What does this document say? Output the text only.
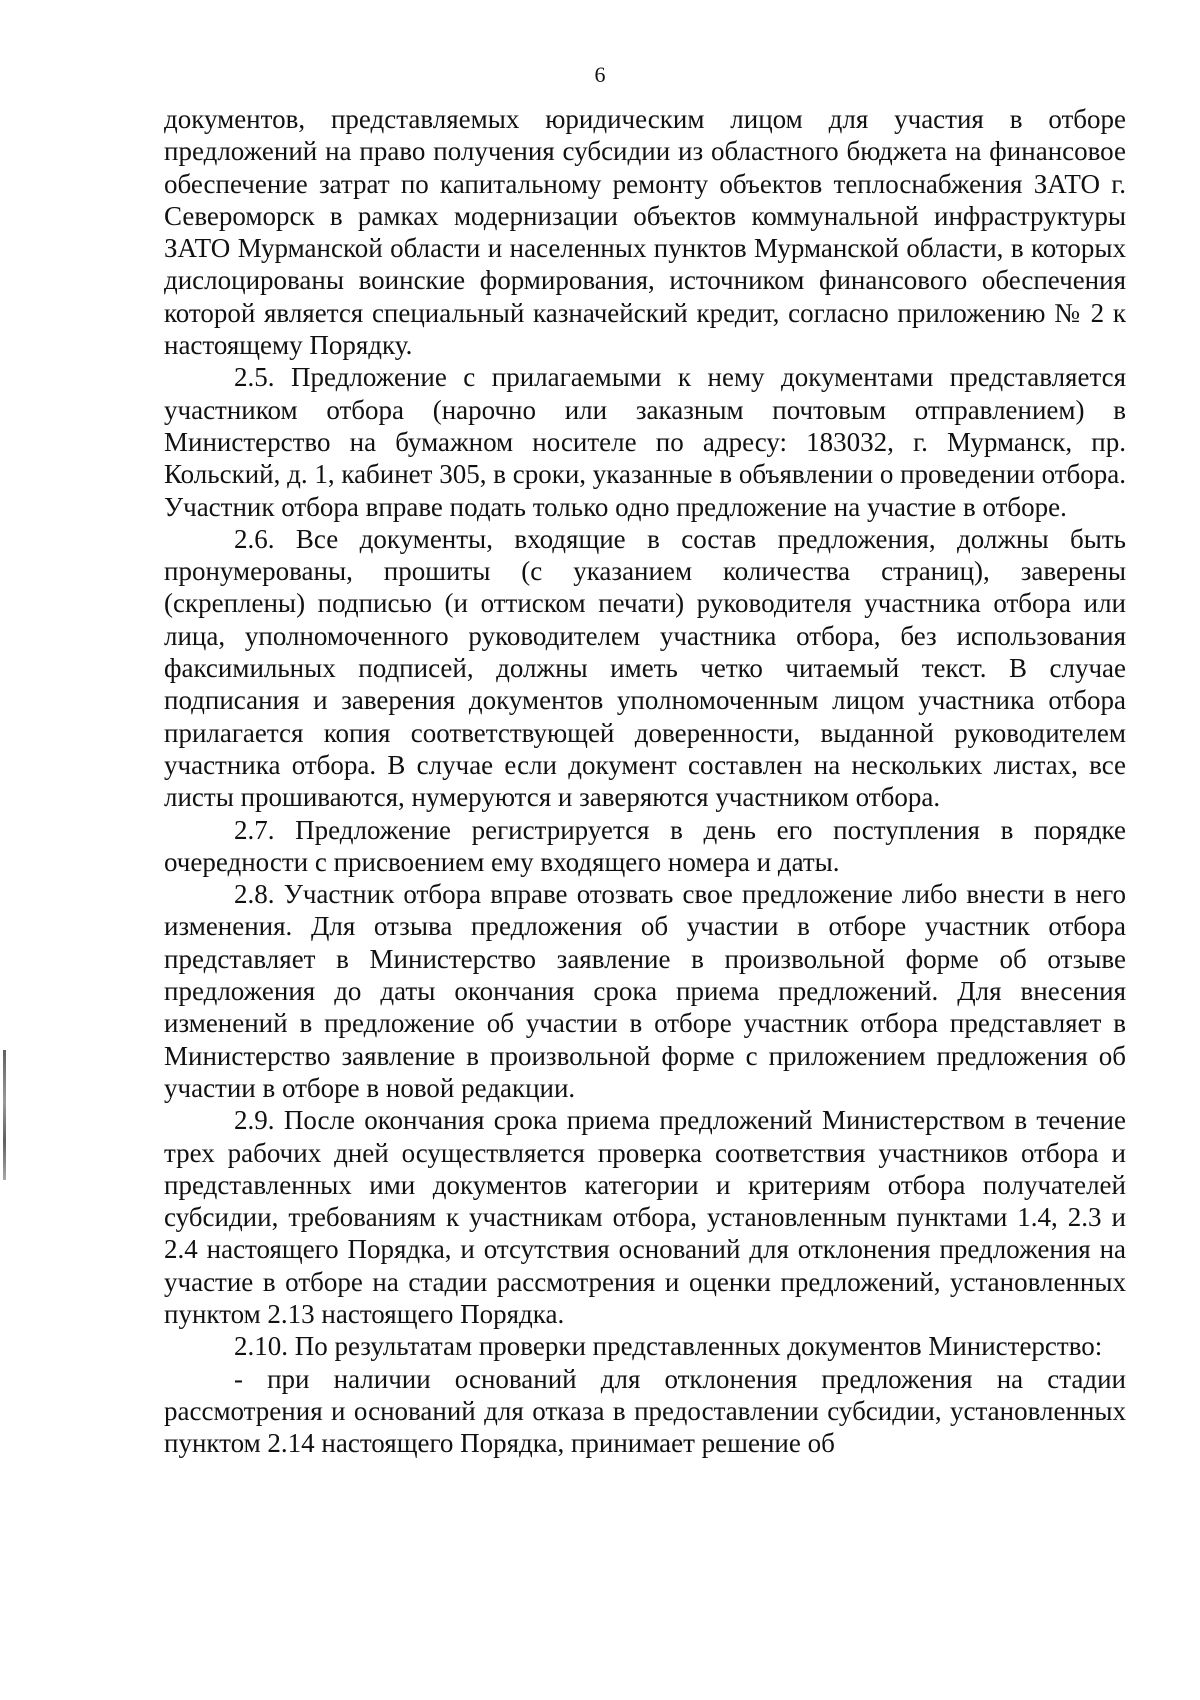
6

документов, представляемых юридическим лицом для участия в отборе предложений на право получения субсидии из областного бюджета на финансовое обеспечение затрат по капитальному ремонту объектов теплоснабжения ЗАТО г. Североморск в рамках модернизации объектов коммунальной инфраструктуры ЗАТО Мурманской области и населенных пунктов Мурманской области, в которых дислоцированы воинские формирования, источником финансового обеспечения которой является специальный казначейский кредит, согласно приложению № 2 к настоящему Порядку.

2.5. Предложение с прилагаемыми к нему документами представляется участником отбора (нарочно или заказным почтовым отправлением) в Министерство на бумажном носителе по адресу: 183032, г. Мурманск, пр. Кольский, д. 1, кабинет 305, в сроки, указанные в объявлении о проведении отбора. Участник отбора вправе подать только одно предложение на участие в отборе.

2.6. Все документы, входящие в состав предложения, должны быть пронумерованы, прошиты (с указанием количества страниц), заверены (скреплены) подписью (и оттиском печати) руководителя участника отбора или лица, уполномоченного руководителем участника отбора, без использования факсимильных подписей, должны иметь четко читаемый текст. В случае подписания и заверения документов уполномоченным лицом участника отбора прилагается копия соответствующей доверенности, выданной руководителем участника отбора. В случае если документ составлен на нескольких листах, все листы прошиваются, нумеруются и заверяются участником отбора.

2.7. Предложение регистрируется в день его поступления в порядке очередности с присвоением ему входящего номера и даты.

2.8. Участник отбора вправе отозвать свое предложение либо внести в него изменения. Для отзыва предложения об участии в отборе участник отбора представляет в Министерство заявление в произвольной форме об отзыве предложения до даты окончания срока приема предложений. Для внесения изменений в предложение об участии в отборе участник отбора представляет в Министерство заявление в произвольной форме с приложением предложения об участии в отборе в новой редакции.

2.9. После окончания срока приема предложений Министерством в течение трех рабочих дней осуществляется проверка соответствия участников отбора и представленных ими документов категории и критериям отбора получателей субсидии, требованиям к участникам отбора, установленным пунктами 1.4, 2.3 и 2.4 настоящего Порядка, и отсутствия оснований для отклонения предложения на участие в отборе на стадии рассмотрения и оценки предложений, установленных пунктом 2.13 настоящего Порядка.

2.10. По результатам проверки представленных документов Министерство:

- при наличии оснований для отклонения предложения на стадии рассмотрения и оснований для отказа в предоставлении субсидии, установленных пунктом 2.14 настоящего Порядка, принимает решение об
